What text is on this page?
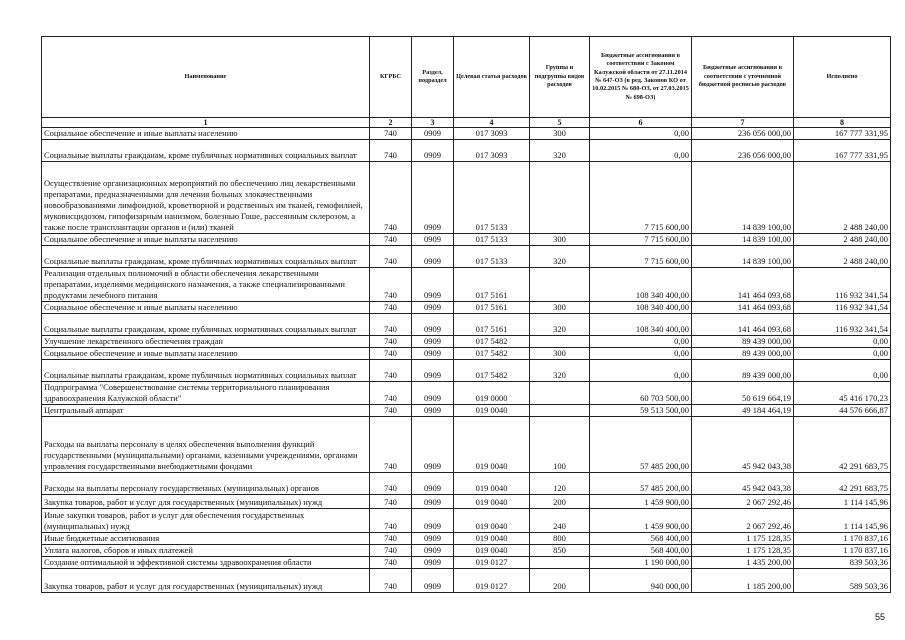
Наименование	КГРБС	Раздел, подраздел	Целевая статья расходов	Группы и подгруппы видов расходов	Бюджетные ассигнования в соответствии с Законом Калужской области от 27.11.2014 № 647-ОЗ (в ред. Законов КО от 10.02.2015 № 680-ОЗ, от 27.03.2015 № 698-ОЗ)	Бюджетные ассигнования в соответствии с уточненной бюджетной росписью расходов	Исполнено
1	2	3	4	5	6	7	8
Социальное обеспечение и иные выплаты населению	740	0909	017 3093	300	0,00	236 056 000,00	167 777 331,95
Социальные выплаты гражданам, кроме публичных нормативных социальных выплат	740	0909	017 3093	320	0,00	236 056 000,00	167 777 331,95
Осуществление организационных мероприятий по обеспечению лиц лекарственными препаратами, предназначенными для лечения больных злокачественными новообразованиями лимфоидной, кроветворной и родственных им тканей, гемофилией, муковисцидозом, гипофизарным нанизмом, болезнью Гоше, рассеянным склерозом, а также после трансплантации органов и (или) тканей	740	0909	017 5133		7 715 600,00	14 839 100,00	2 488 240,00
Социальное обеспечение и иные выплаты населению	740	0909	017 5133	300	7 715 600,00	14 839 100,00	2 488 240,00
Социальные выплаты гражданам, кроме публичных нормативных социальных выплат	740	0909	017 5133	320	7 715 600,00	14 839 100,00	2 488 240,00
Реализация отдельных полномочий в области обеспечения лекарственными препаратами, изделиями медицинского назначения, а также специализированными продуктами лечебного питания	740	0909	017 5161		108 340 400,00	141 464 093,68	116 932 341,54
Социальное обеспечение и иные выплаты населению	740	0909	017 5161	300	108 340 400,00	141 464 093,68	116 932 341,54
Социальные выплаты гражданам, кроме публичных нормативных социальных выплат	740	0909	017 5161	320	108 340 400,00	141 464 093,68	116 932 341,54
Улучшение лекарственного обеспечения граждан	740	0909	017 5482		0,00	89 439 000,00	0,00
Социальное обеспечение и иные выплаты населению	740	0909	017 5482	300	0,00	89 439 000,00	0,00
Социальные выплаты гражданам, кроме публичных нормативных социальных выплат	740	0909	017 5482	320	0,00	89 439 000,00	0,00
Подпрограмма "Совершенствование системы территориального планирования здравоохранения Калужской области"	740	0909	019 0000		60 703 500,00	50 619 664,19	45 416 170,23
Центральный аппарат	740	0909	019 0040		59 513 500,00	49 184 464,19	44 576 666,87
Расходы на выплаты персоналу в целях обеспечения выполнения функций государственными (муниципальными) органами, казенными учреждениями, органами управления государственными внебюджетными фондами	740	0909	019 0040	100	57 485 200,00	45 942 043,38	42 291 683,75
Расходы на выплаты персоналу государственных (муниципальных) органов	740	0909	019 0040	120	57 485 200,00	45 942 043,38	42 291 683,75
Закупка товаров, работ и услуг для государственных (муниципальных) нужд	740	0909	019 0040	200	1 459 900,00	2 067 292,46	1 114 145,96
Иные закупки товаров, работ и услуг для обеспечения государственных (муниципальных) нужд	740	0909	019 0040	240	1 459 900,00	2 067 292,46	1 114 145,96
Иные бюджетные ассигнования	740	0909	019 0040	800	568 400,00	1 175 128,35	1 170 837,16
Уплата налогов, сборов и иных платежей	740	0909	019 0040	850	568 400,00	1 175 128,35	1 170 837,16
Создание оптимальной и эффективной системы здравоохранения области	740	0909	019 0127		1 190 000,00	1 435 200,00	839 503,36
Закупка товаров, работ и услуг для государственных (муниципальных) нужд	740	0909	019 0127	200	940 000,00	1 185 200,00	589 503,36
55
